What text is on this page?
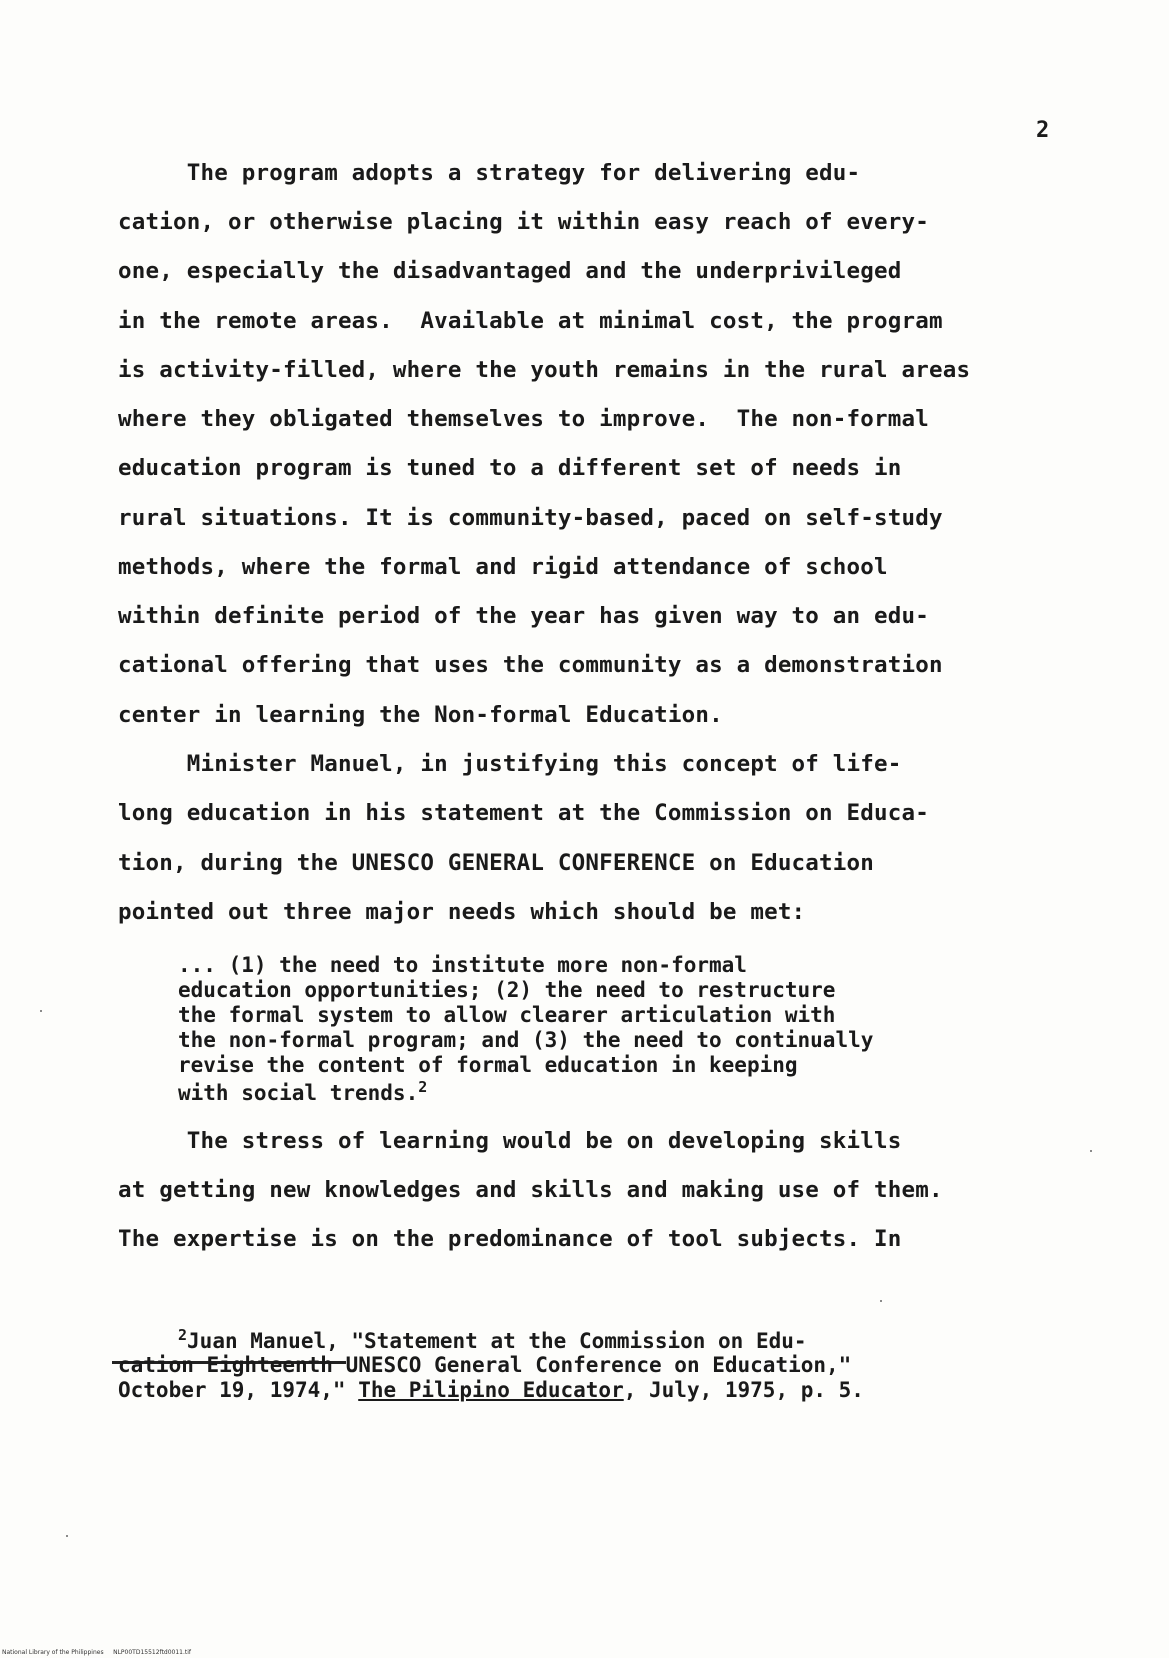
2
The program adopts a strategy for delivering edu-
cation, or otherwise placing it within easy reach of every-
one, especially the disadvantaged and the underprivileged
in the remote areas.  Available at minimal cost, the program
is activity-filled, where the youth remains in the rural areas
where they obligated themselves to improve.  The non-formal
education program is tuned to a different set of needs in
rural situations. It is community-based, paced on self-study
methods, where the formal and rigid attendance of school
within definite period of the year has given way to an edu-
cational offering that uses the community as a demonstration
center in learning the Non-formal Education.
Minister Manuel, in justifying this concept of life-
long education in his statement at the Commission on Educa-
tion, during the UNESCO GENERAL CONFERENCE on Education
pointed out three major needs which should be met:
... (1) the need to institute more non-formal
education opportunities; (2) the need to restructure
the formal system to allow clearer articulation with
the non-formal program; and (3) the need to continually
revise the content of formal education in keeping
with social trends.$^2$
The stress of learning would be on developing skills
at getting new knowledges and skills and making use of them.
The expertise is on the predominance of tool subjects. In
$^2$Juan Manuel, "Statement at the Commission on Edu-
cation Eighteenth UNESCO General Conference on Education,"
October 19, 1974," The Pilipino Educator, July, 1975, p. 5.
National Library of the Philippines     NLP00TD15512ftd0011.tif
